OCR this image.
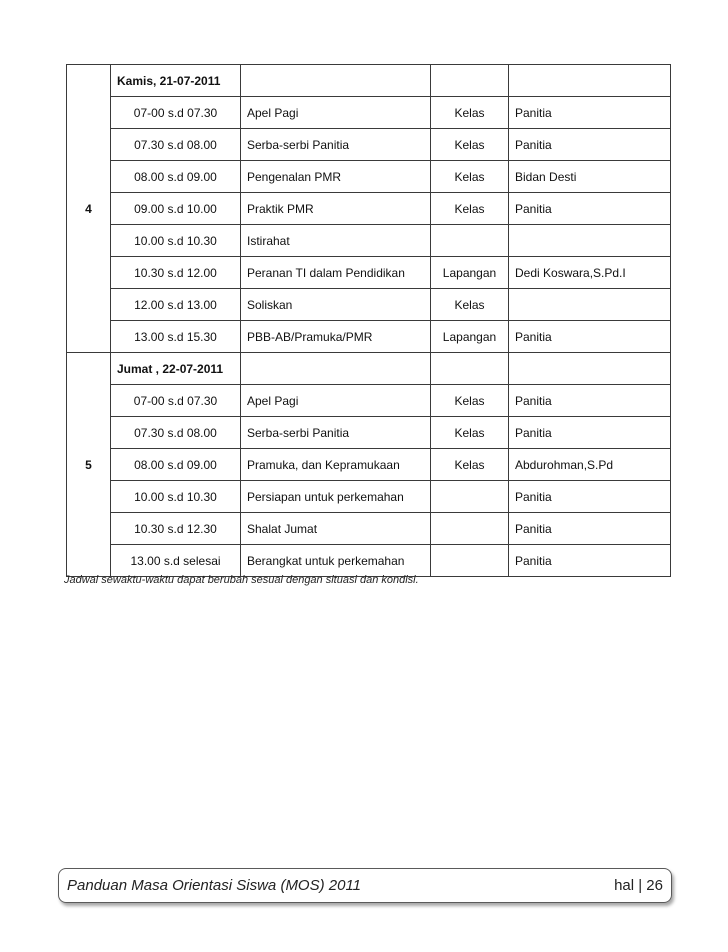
4	Kamis, 21-07-2011			
	07-00 s.d 07.30	Apel Pagi	Kelas	Panitia
	07.30 s.d 08.00	Serba-serbi Panitia	Kelas	Panitia
	08.00 s.d 09.00	Pengenalan PMR	Kelas	Bidan Desti
	09.00 s.d 10.00	Praktik PMR	Kelas	Panitia
	10.00 s.d 10.30	Istirahat		
	10.30 s.d 12.00	Peranan TI dalam Pendidikan	Lapangan	Dedi Koswara,S.Pd.I
	12.00 s.d 13.00	Soliskan	Kelas	
	13.00 s.d 15.30	PBB-AB/Pramuka/PMR	Lapangan	Panitia
5	Jumat , 22-07-2011			
	07-00 s.d 07.30	Apel Pagi	Kelas	Panitia
	07.30 s.d 08.00	Serba-serbi Panitia	Kelas	Panitia
	08.00 s.d 09.00	Pramuka, dan Kepramukaan	Kelas	Abdurohman,S.Pd
	10.00 s.d 10.30	Persiapan untuk perkemahan		Panitia
	10.30 s.d 12.30	Shalat Jumat		Panitia
	13.00 s.d selesai	Berangkat untuk perkemahan		Panitia
Jadwal sewaktu-waktu dapat berubah sesuai dengan situasi dan kondisi.
Panduan Masa Orientasi Siswa (MOS) 2011	hal | 26
